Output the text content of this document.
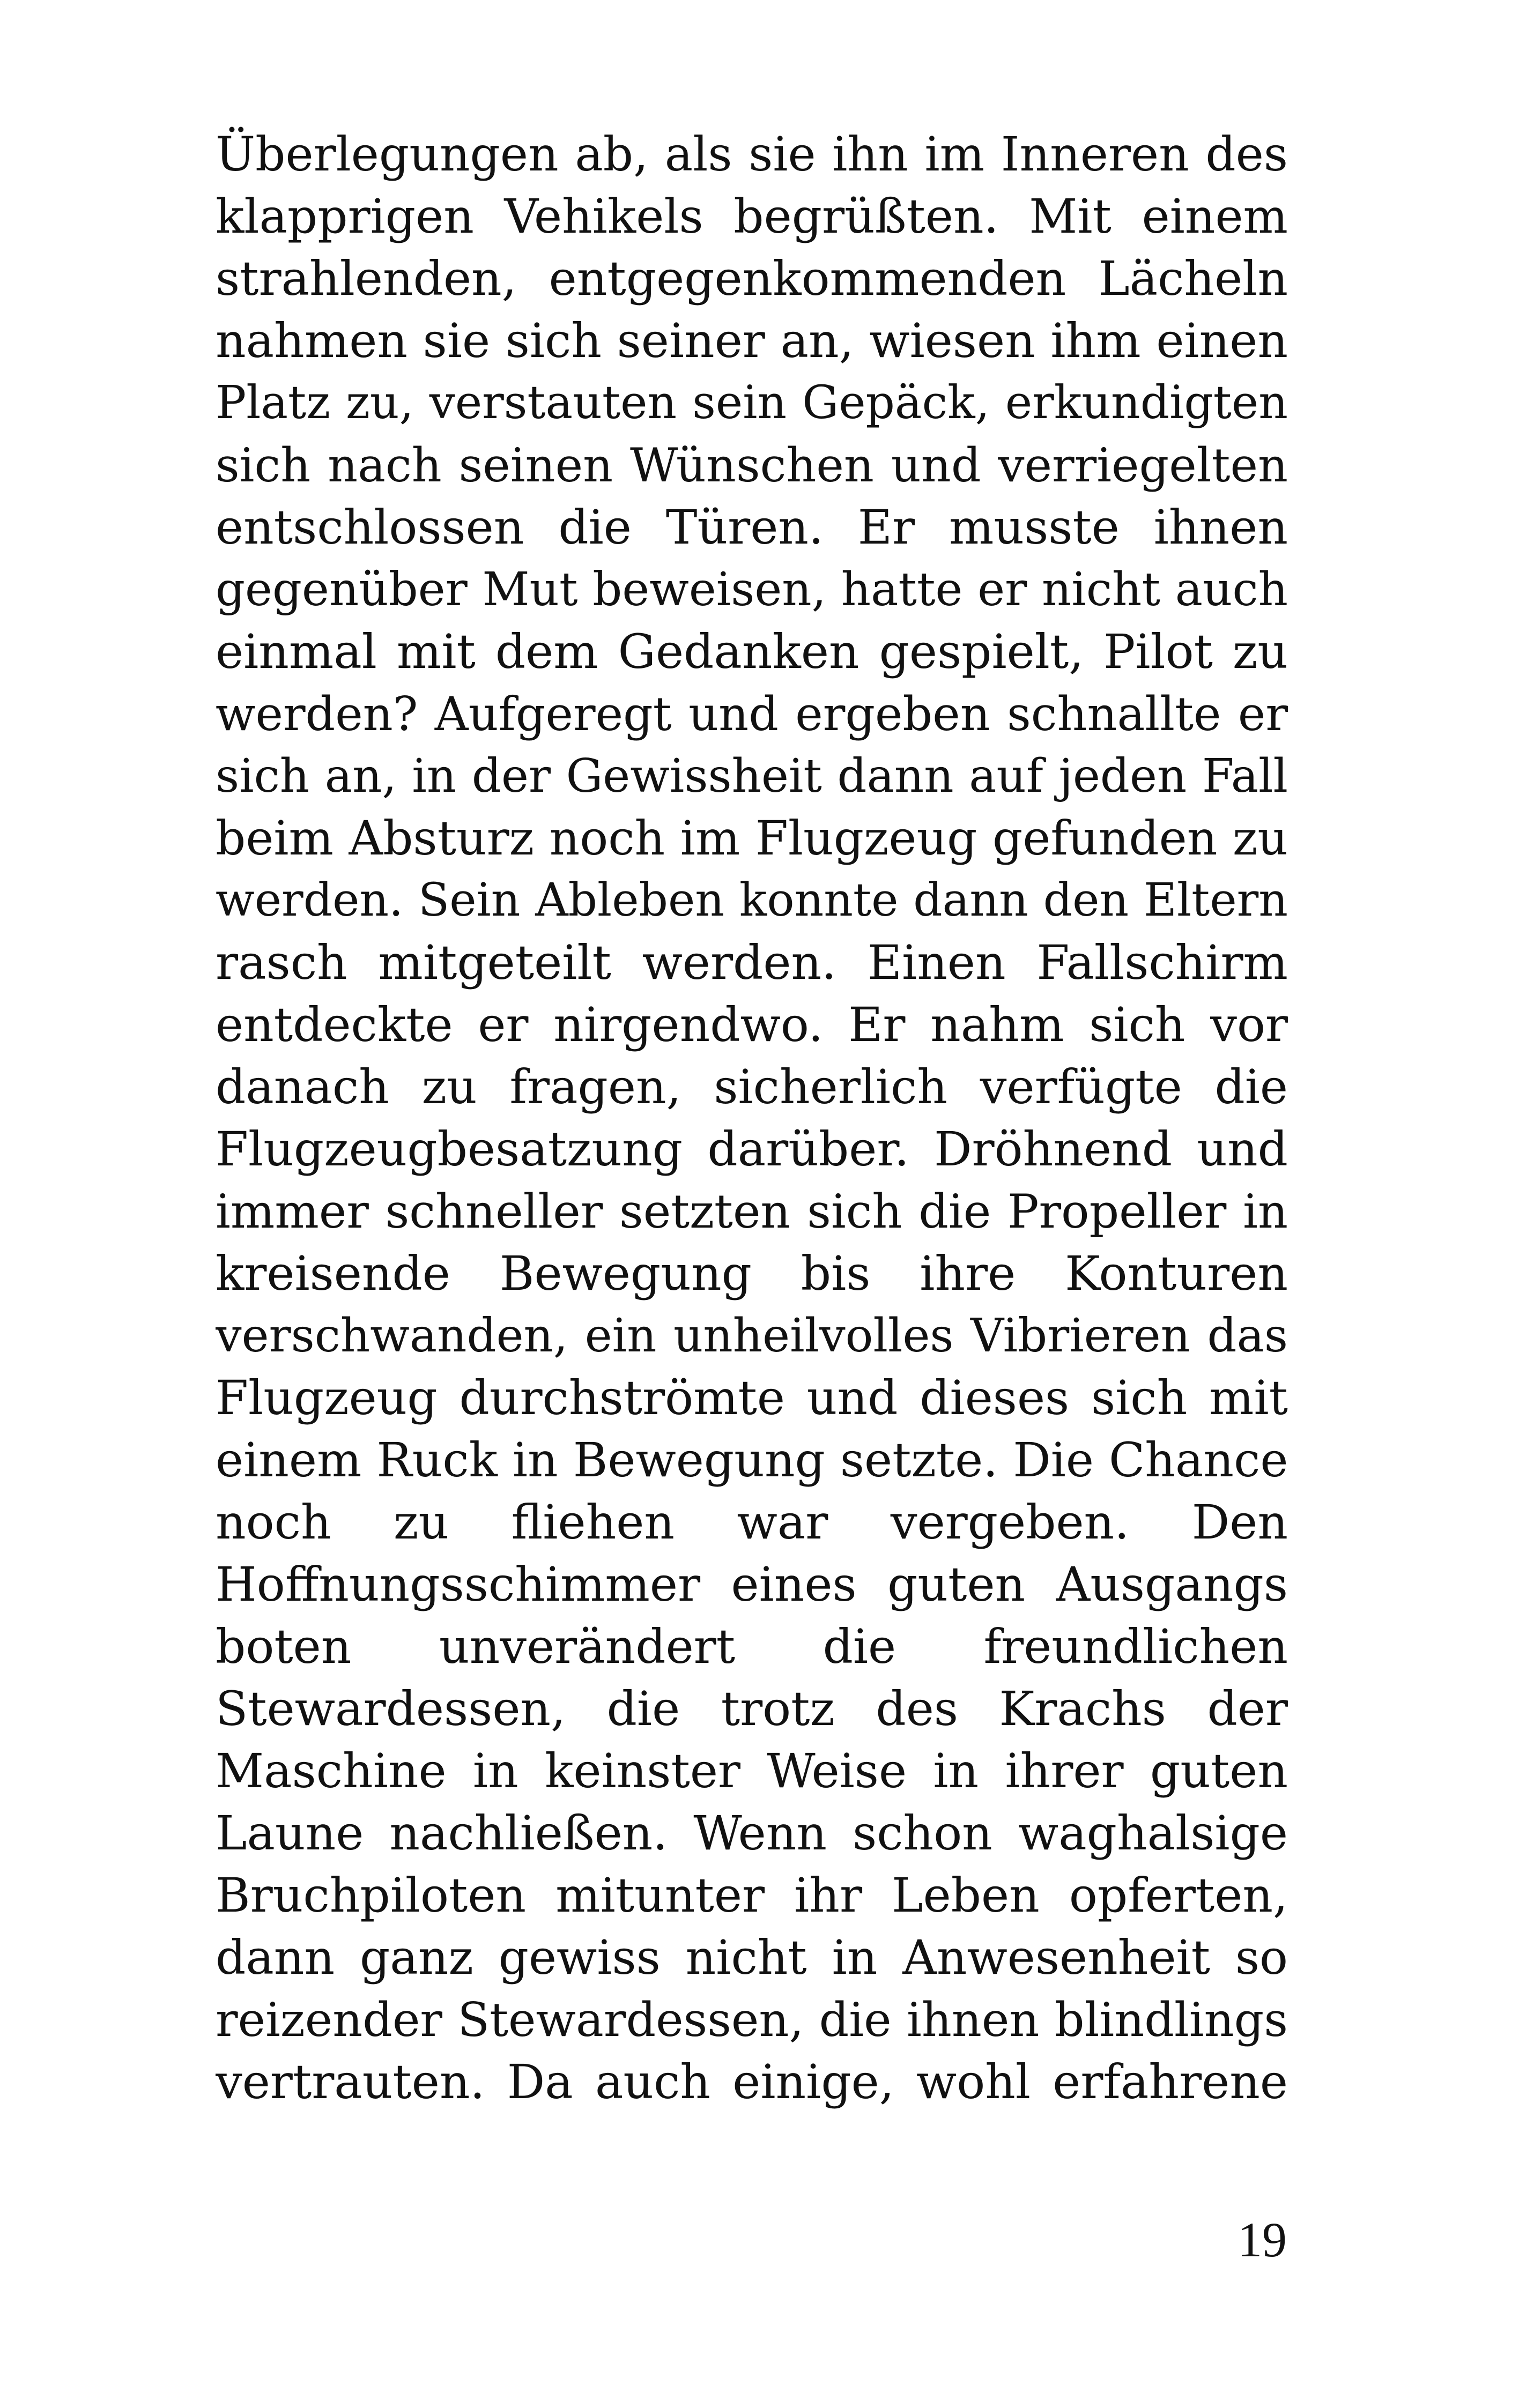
Überlegungen ab, als sie ihn im Inneren des
klapprigen Vehikels begrüßten. Mit einem
strahlenden, entgegenkommenden Lächeln
nahmen sie sich seiner an, wiesen ihm einen
Platz zu, verstauten sein Gepäck, erkundigten
sich nach seinen Wünschen und verriegelten
entschlossen die Türen. Er musste ihnen
gegenüber Mut beweisen, hatte er nicht auch
einmal mit dem Gedanken gespielt, Pilot zu
werden? Aufgeregt und ergeben schnallte er
sich an, in der Gewissheit dann auf jeden Fall
beim Absturz noch im Flugzeug gefunden zu
werden. Sein Ableben konnte dann den Eltern
rasch mitgeteilt werden. Einen Fallschirm
entdeckte er nirgendwo. Er nahm sich vor
danach zu fragen, sicherlich verfügte die
Flugzeugbesatzung darüber. Dröhnend und
immer schneller setzten sich die Propeller in
kreisende Bewegung bis ihre Konturen
verschwanden, ein unheilvolles Vibrieren das
Flugzeug durchströmte und dieses sich mit
einem Ruck in Bewegung setzte. Die Chance
noch zu fliehen war vergeben. Den
Hoffnungsschimmer eines guten Ausgangs
boten unverändert die freundlichen
Stewardessen, die trotz des Krachs der
Maschine in keinster Weise in ihrer guten
Laune nachließen. Wenn schon waghalsige
Bruchpiloten mitunter ihr Leben opferten,
dann ganz gewiss nicht in Anwesenheit so
reizender Stewardessen, die ihnen blindlings
vertrauten. Da auch einige, wohl erfahrene
19
